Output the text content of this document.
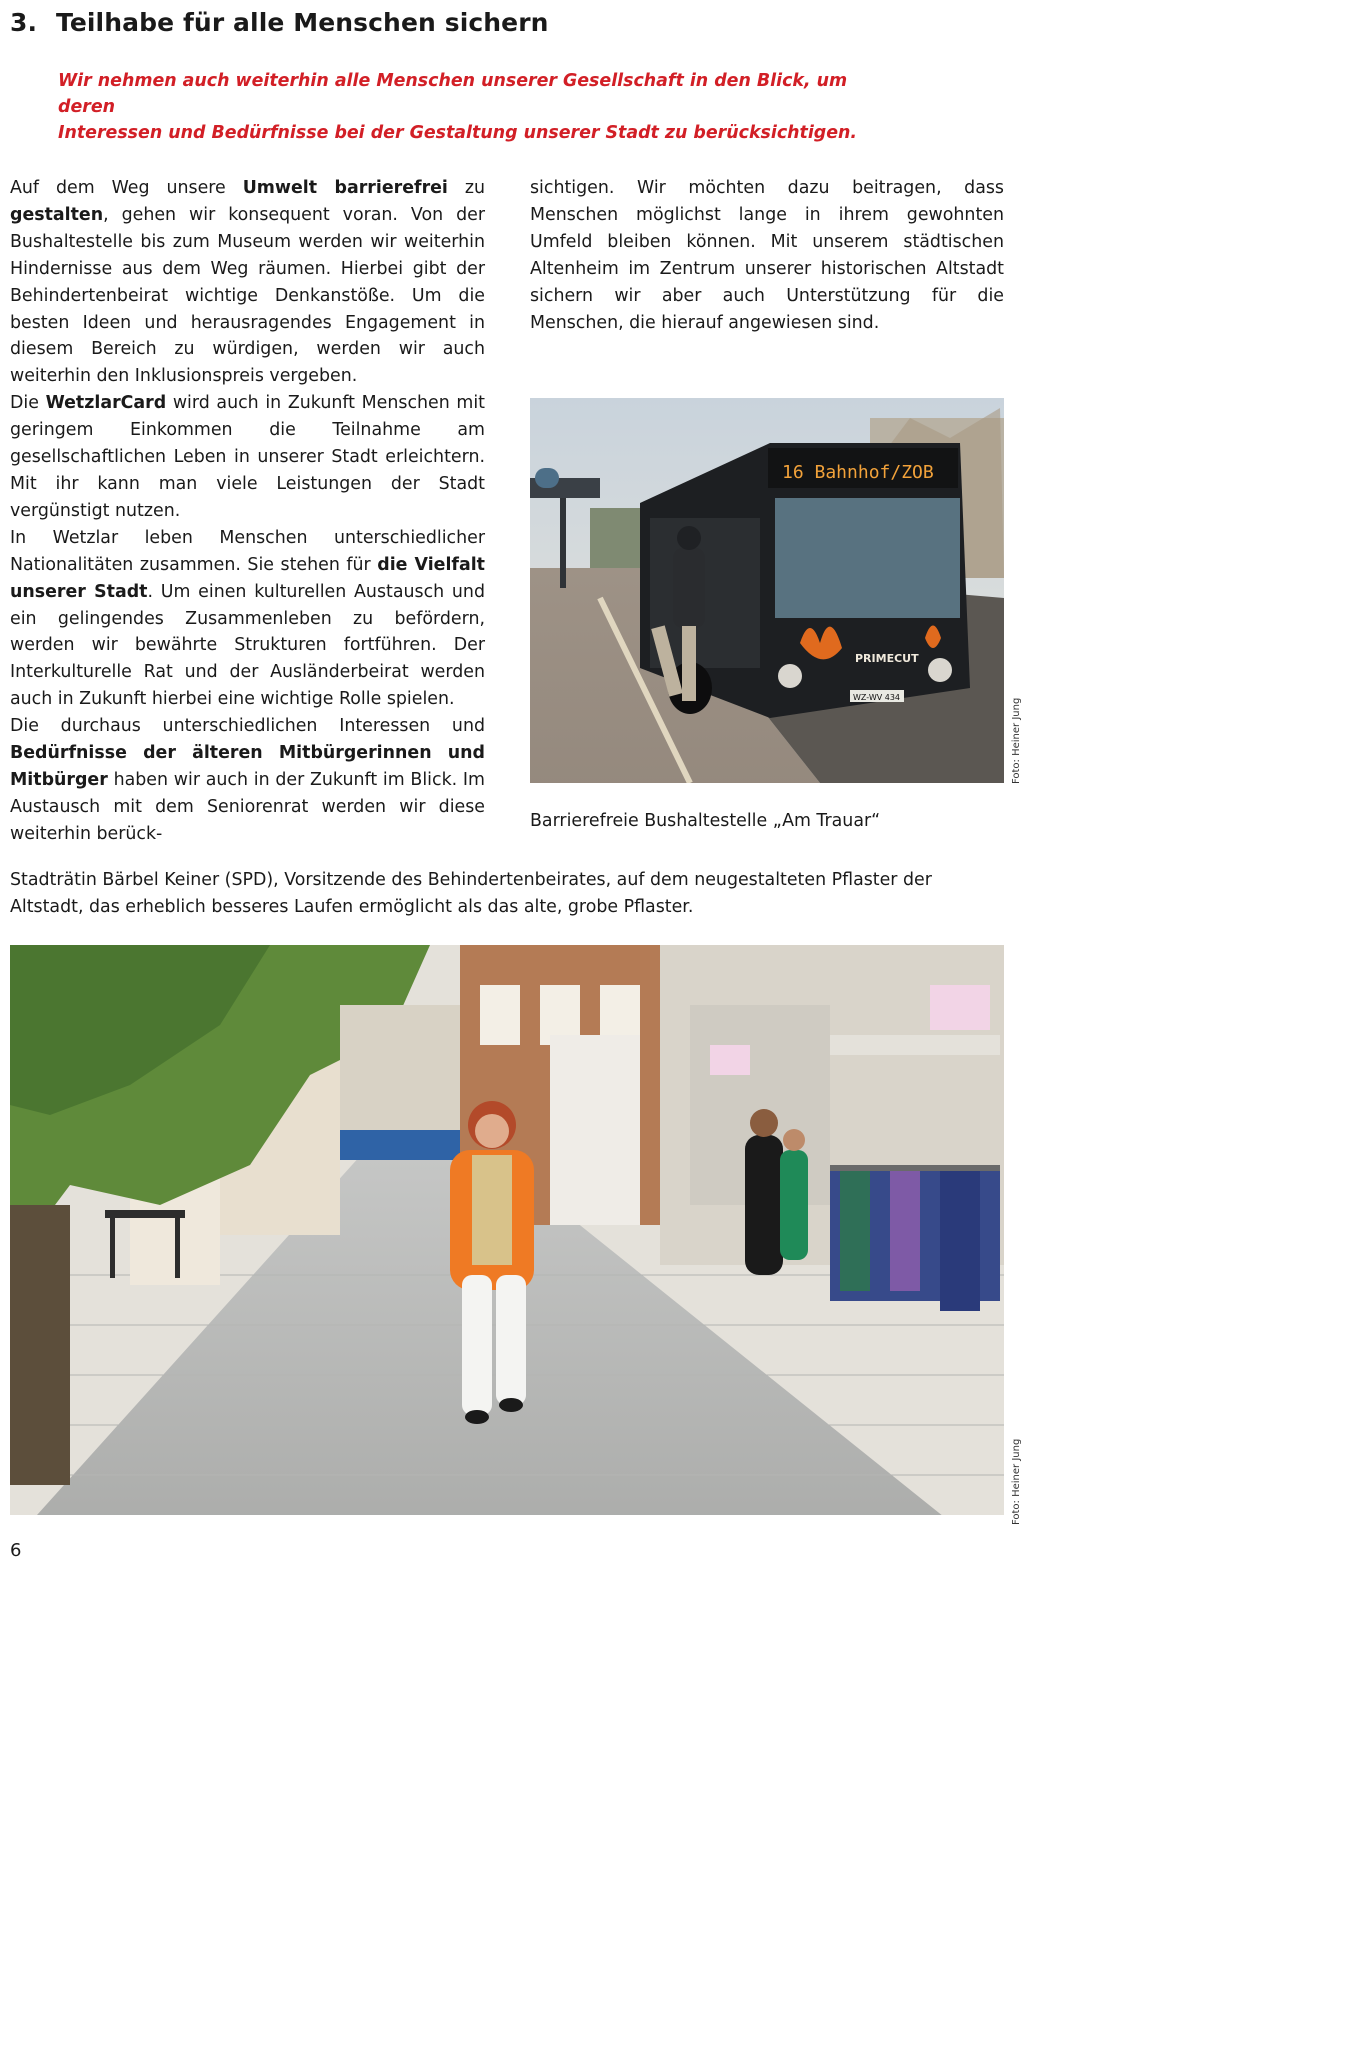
3. Teilhabe für alle Menschen sichern
Wir nehmen auch weiterhin alle Menschen unserer Gesellschaft in den Blick, um deren
Interessen und Bedürfnisse bei der Gestaltung unserer Stadt zu berücksichtigen.

Auf dem Weg unsere Umwelt barrierefrei zu gestalten, gehen wir konsequent voran. Von der Bushaltestelle bis zum Museum werden wir weiterhin Hindernisse aus dem Weg räumen. Hierbei gibt der Behindertenbeirat wichtige Denkanstöße. Um die besten Ideen und herausragendes Engagement in diesem Bereich zu würdigen, werden wir auch weiterhin den Inklusionspreis vergeben.

Die WetzlarCard wird auch in Zukunft Menschen mit geringem Einkommen die Teilnahme am gesellschaftlichen Leben in unserer Stadt erleichtern. Mit ihr kann man viele Leistungen der Stadt vergünstigt nutzen.

In Wetzlar leben Menschen unterschiedlicher Nationalitäten zusammen. Sie stehen für die Vielfalt unserer Stadt. Um einen kulturellen Austausch und ein gelingendes Zusammenleben zu befördern, werden wir bewährte Strukturen fortführen. Der Interkulturelle Rat und der Ausländerbeirat werden auch in Zukunft hierbei eine wichtige Rolle spielen.

Die durchaus unterschiedlichen Interessen und Bedürfnisse der älteren Mitbürgerinnen und Mitbürger haben wir auch in der Zukunft im Blick. Im Austausch mit dem Seniorenrat werden wir diese weiterhin berück-

sichtigen. Wir möchten dazu beitragen, dass Menschen möglichst lange in ihrem gewohnten Umfeld bleiben können. Mit unserem städtischen Altenheim im Zentrum unserer historischen Altstadt sichern wir aber auch Unterstützung für die Menschen, die hierauf angewiesen sind.

16 Bahnhof/ZOB
PRIMECUT
WZ-WV 434
Foto: Heiner Jung
Barrierefreie Bushaltestelle „Am Trauar“
Stadträtin Bärbel Keiner (SPD), Vorsitzende des Behindertenbeirates, auf dem neugestalteten Pflaster der Altstadt, das erheblich besseres Laufen ermöglicht als das alte, grobe Pflaster.
Foto: Heiner Jung
6
